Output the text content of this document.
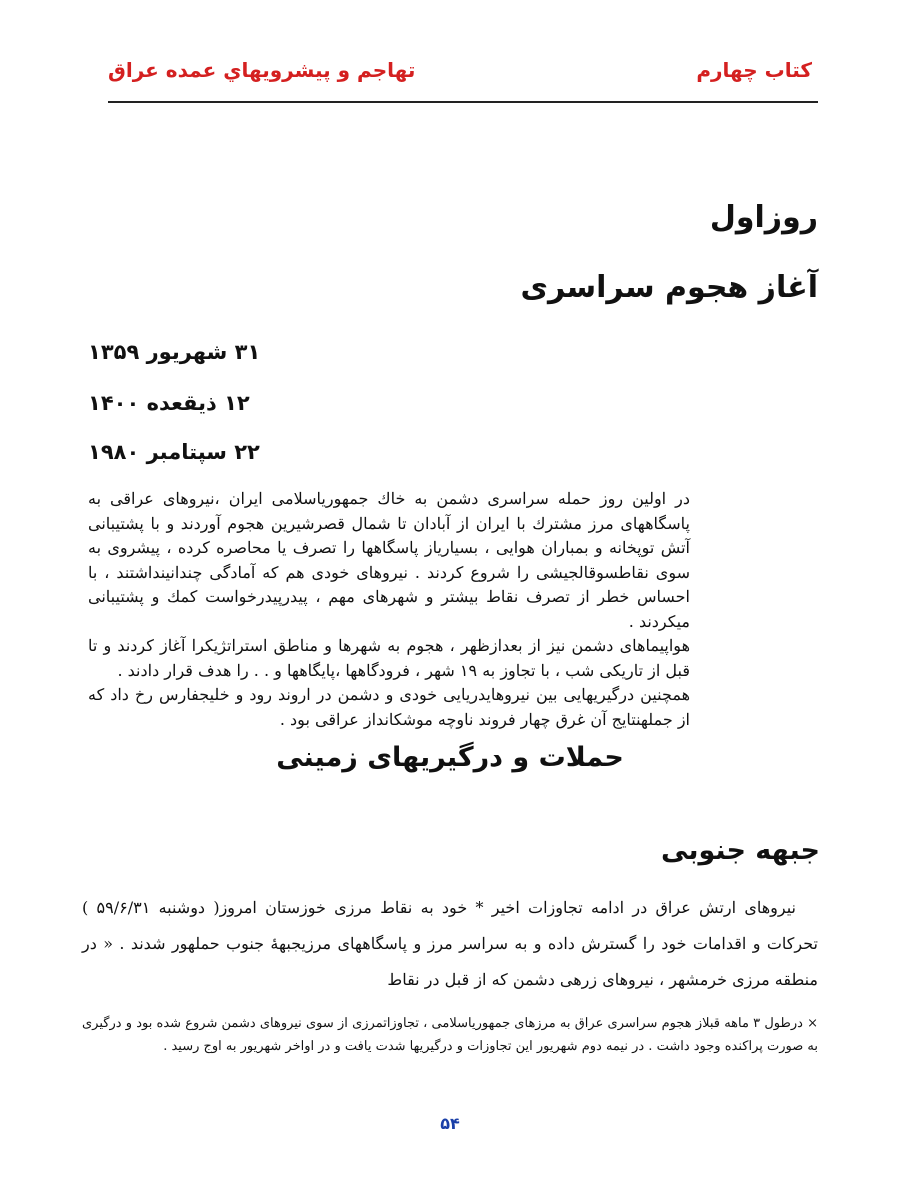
كتاب چهارم
تهاجم و پیشرویهاي عمده عراق
روزاول
آغاز هجوم سراسری
۳۱ شهریور ۱۳۵۹
۱۲ ذیقعده ۱۴۰۰
۲۲ سپتامبر ۱۹۸۰

در اولین روز حمله سراسری دشمن به خاك جمهوریاسلامی ایران ،نیروهای عراقی به پاسگاههای مرز مشترك با ایران از آبادان تا شمال قصرشیرین هجوم آوردند و با پشتیبانی آتش توپخانه و بمباران هوایی ، بسیاریاز پاسگاهها را تصرف یا محاصره كرده ، پیشروی به سوی نقاطسوقالجیشی را شروع كردند . نیروهای خودی هم كه آمادگی چندانینداشتند ، با احساس خطر از تصرف نقاط بیشتر و شهرهای مهم ، پیدرپیدرخواست كمك و پشتیبانی میكردند .

هواپیماهای دشمن نیز از بعدازظهر ، هجوم به شهرها و مناطق استراتژیكرا آغاز كردند و تا قبل از تاریكی شب ، با تجاوز به ۱۹ شهر ، فرودگاهها ،پایگاهها و . . را هدف قرار دادند .

همچنین درگیریهایی بین نیروهایدریایی خودی و دشمن در اروند رود و خلیجفارس رخ داد كه از جملهنتایج آن غرق چهار فروند ناوچه موشكانداز عراقی بود .

حملات و درگیریهای زمینی
جبهه جنوبی

نیروهای ارتش عراق در ادامه تجاوزات اخیر * خود به نقاط مرزی خوزستان امروز( دوشنبه ۵۹/۶/۳۱ ) تحركات و اقدامات خود را گسترش داده و به سراسر مرز و پاسگاههای مرزیجبههٔ جنوب حملهور شدند . « در منطقه مرزی خرمشهر ، نیروهای زرهی دشمن كه از قبل در نقاط

× درطول ۳ ماهه قبلاز هجوم سراسری عراق به مرزهای جمهوریاسلامی ، تجاوزاتمرزی از سوی نیروهای دشمن شروع شده بود و درگیری به صورت پراكنده وجود داشت . در نیمه دوم شهریور این تجاوزات و درگیریها شدت یافت و در اواخر شهریور به اوج رسید .

۵۴
